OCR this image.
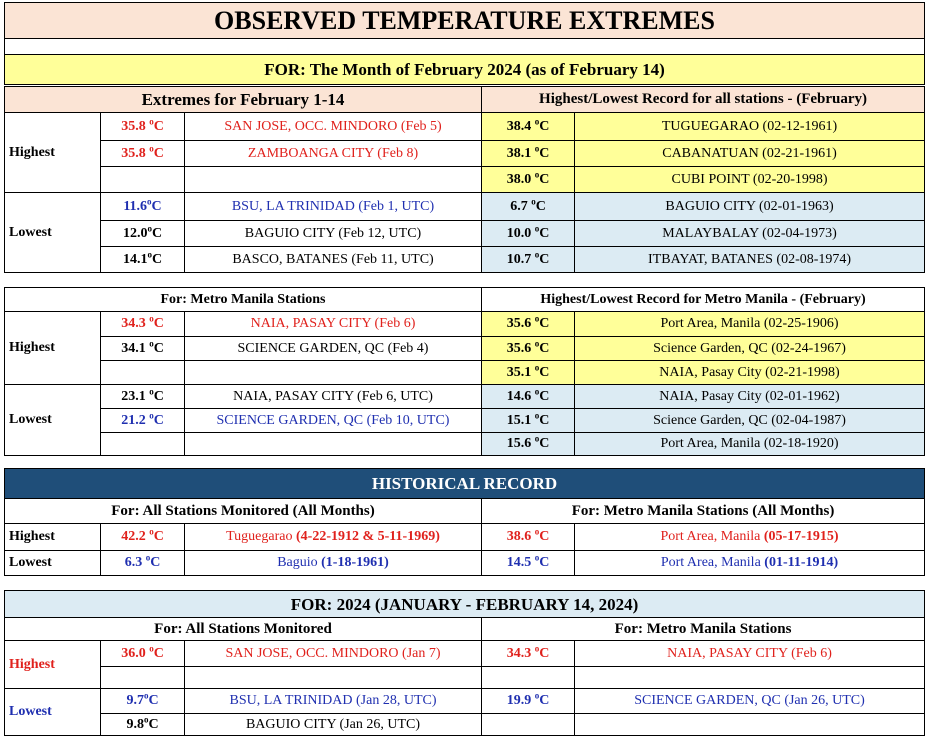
OBSERVED TEMPERATURE EXTREMES

FOR: The Month of February 2024 (as of February 14)
Extremes for February 1-14			Highest/Lowest Record for all stations - (February)	
Highest	35.8 $^o$C	SAN JOSE, OCC. MINDORO (Feb 5)	38.4 $^o$C	TUGUEGARAO (02-12-1961)
	35.8 $^o$C	ZAMBOANGA CITY (Feb 8)	38.1 $^o$C	CABANATUAN (02-21-1961)
			38.0 $^o$C	CUBI POINT (02-20-1998)
Lowest	11.6$^o$C	BSU, LA TRINIDAD (Feb 1, UTC)	6.7 $^o$C	BAGUIO CITY (02-01-1963)
	12.0$^o$C	BAGUIO CITY (Feb 12, UTC)	10.0 $^o$C	MALAYBALAY (02-04-1973)
	14.1$^o$C	BASCO, BATANES (Feb 11, UTC)	10.7 $^o$C	ITBAYAT, BATANES (02-08-1974)
For: Metro Manila Stations			Highest/Lowest Record for Metro Manila - (February)	
Highest	34.3 $^o$C	NAIA, PASAY CITY (Feb 6)	35.6 $^o$C	Port Area, Manila (02-25-1906)
	34.1 $^o$C	SCIENCE GARDEN, QC (Feb 4)	35.6 $^o$C	Science Garden, QC (02-24-1967)
			35.1 $^o$C	NAIA, Pasay City (02-21-1998)
Lowest	23.1 $^o$C	NAIA, PASAY CITY (Feb 6, UTC)	14.6 $^o$C	NAIA, Pasay City (02-01-1962)
	21.2 $^o$C	SCIENCE GARDEN, QC (Feb 10, UTC)	15.1 $^o$C	Science Garden, QC (02-04-1987)
			15.6 $^o$C	Port Area, Manila (02-18-1920)
HISTORICAL RECORD				
For: All Stations Monitored (All Months)			For: Metro Manila Stations (All Months)	
Highest	42.2 $^o$C	Tuguegarao (4-22-1912 & 5-11-1969)	38.6 $^o$C	Port Area, Manila (05-17-1915)
Lowest	6.3 $^o$C	Baguio (1-18-1961)	14.5 $^o$C	Port Area, Manila (01-11-1914)
FOR: 2024 (JANUARY - FEBRUARY 14, 2024)				
For: All Stations Monitored			For: Metro Manila Stations	
Highest	36.0 $^o$C	SAN JOSE, OCC. MINDORO (Jan 7)	34.3 $^o$C	NAIA, PASAY CITY (Feb 6)

Lowest	9.7$^o$C	BSU, LA TRINIDAD (Jan 28, UTC)	19.9 $^o$C	SCIENCE GARDEN, QC (Jan 26, UTC)
	9.8$^o$C	BAGUIO CITY (Jan 26, UTC)		
